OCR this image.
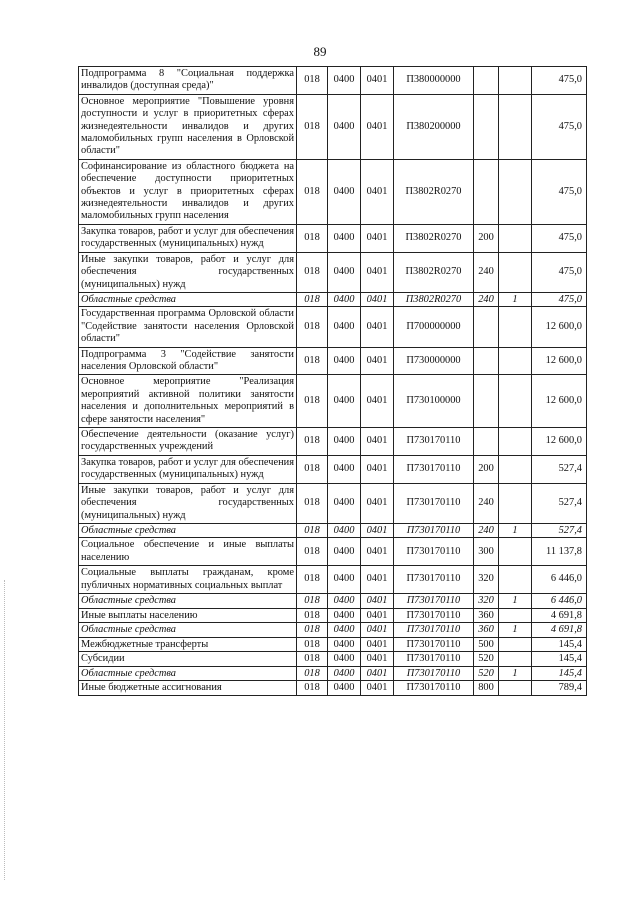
89
Подпрограмма 8 "Социальная поддержка инвалидов (доступная среда)"	018	0400	0401	П380000000			475,0
Основное мероприятие "Повышение уровня доступности и услуг в приоритетных сферах жизнедеятельности инвалидов и других маломобильных групп населения в Орловской области"	018	0400	0401	П380200000			475,0
Софинансирование из областного бюджета на обеспечение доступности приоритетных объектов и услуг в приоритетных сферах жизнедеятельности инвалидов и других маломобильных групп населения	018	0400	0401	П3802R0270			475,0
Закупка товаров, работ и услуг для обеспечения государственных (муниципальных) нужд	018	0400	0401	П3802R0270	200		475,0
Иные закупки товаров, работ и услуг для обеспечения государственных (муниципальных) нужд	018	0400	0401	П3802R0270	240		475,0
Областные средства	018	0400	0401	П3802R0270	240	1	475,0
Государственная программа Орловской области "Содействие занятости населения Орловской области"	018	0400	0401	П700000000			12 600,0
Подпрограмма 3 "Содействие занятости населения Орловской области"	018	0400	0401	П730000000			12 600,0
Основное мероприятие "Реализация мероприятий активной политики занятости населения и дополнительных мероприятий в сфере занятости населения"	018	0400	0401	П730100000			12 600,0
Обеспечение деятельности (оказание услуг) государственных учреждений	018	0400	0401	П730170110			12 600,0
Закупка товаров, работ и услуг для обеспечения государственных (муниципальных) нужд	018	0400	0401	П730170110	200		527,4
Иные закупки товаров, работ и услуг для обеспечения государственных (муниципальных) нужд	018	0400	0401	П730170110	240		527,4
Областные средства	018	0400	0401	П730170110	240	1	527,4
Социальное обеспечение и иные выплаты населению	018	0400	0401	П730170110	300		11 137,8
Социальные выплаты гражданам, кроме публичных нормативных социальных выплат	018	0400	0401	П730170110	320		6 446,0
Областные средства	018	0400	0401	П730170110	320	1	6 446,0
Иные выплаты населению	018	0400	0401	П730170110	360		4 691,8
Областные средства	018	0400	0401	П730170110	360	1	4 691,8
Межбюджетные трансферты	018	0400	0401	П730170110	500		145,4
Субсидии	018	0400	0401	П730170110	520		145,4
Областные средства	018	0400	0401	П730170110	520	1	145,4
Иные бюджетные ассигнования	018	0400	0401	П730170110	800		789,4
